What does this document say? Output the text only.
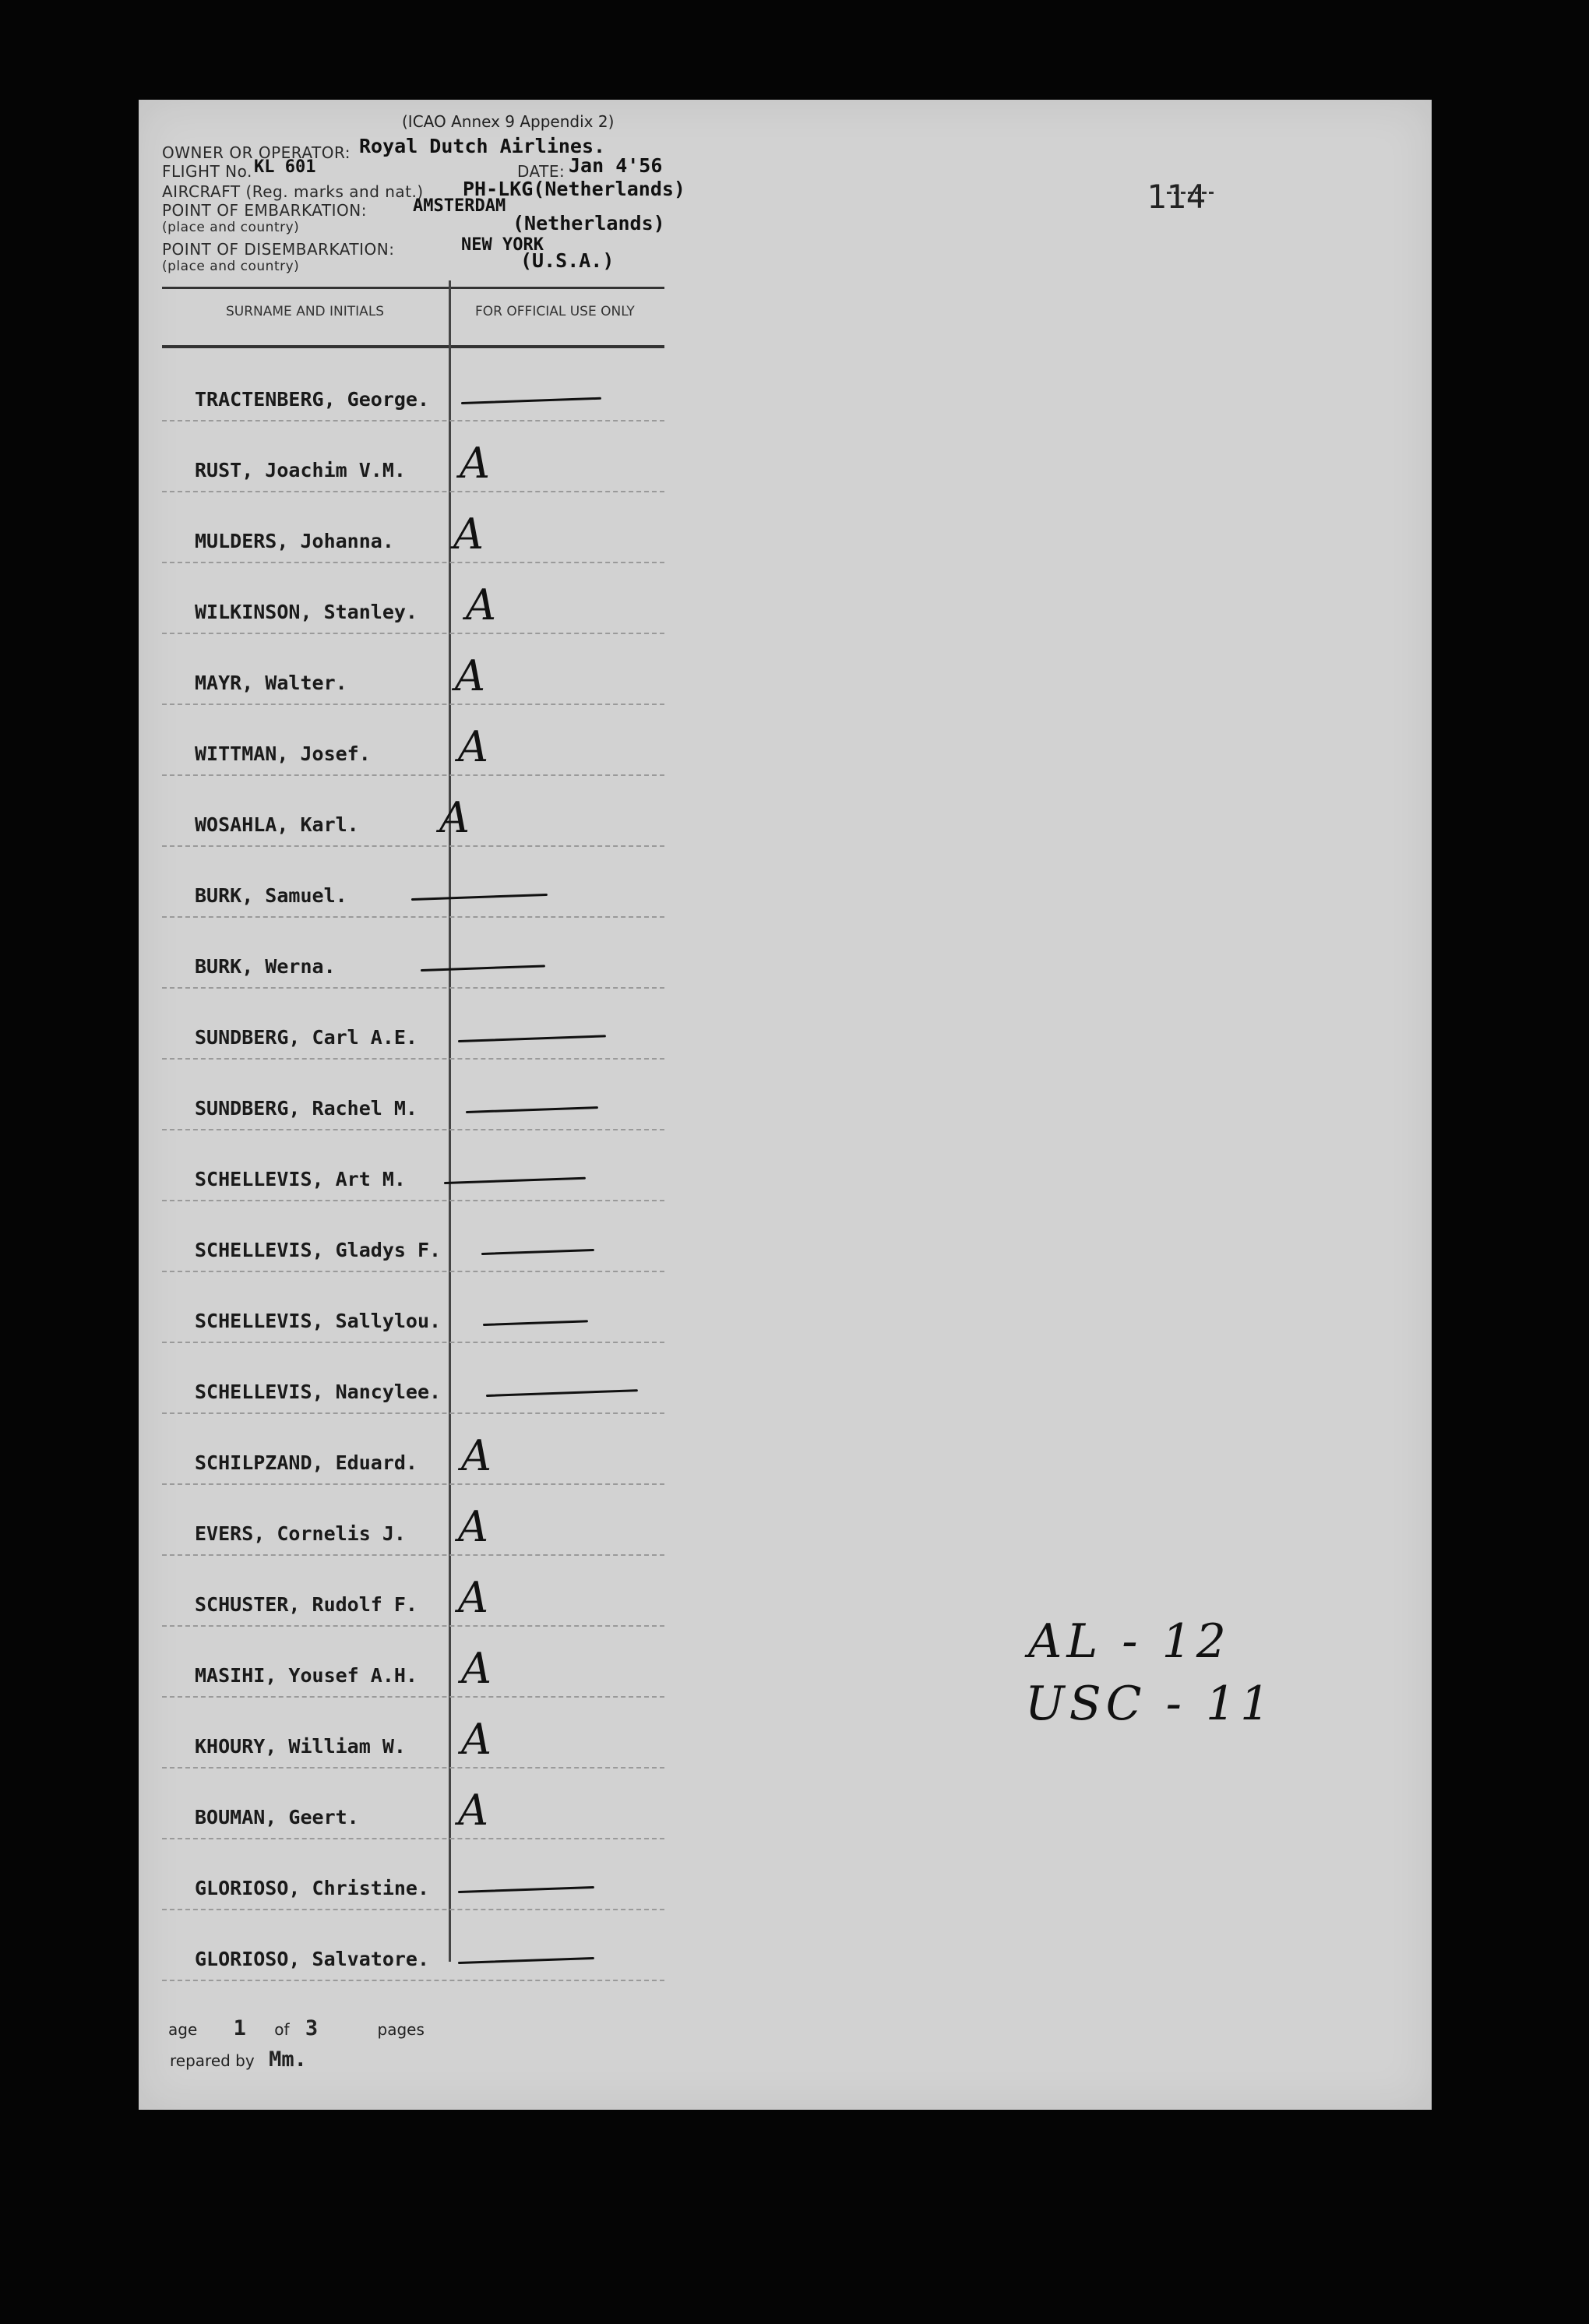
(ICAO Annex 9 Appendix 2)
OWNER OR OPERATOR: Royal Dutch Airlines.
FLIGHT No. KL 601	DATE: Jan 4'56
AIRCRAFT (Reg. marks and nat.) PH-LKG(Netherlands)
POINT OF EMBARKATION:	AMSTERDAM
(Netherlands)
(place and country)
POINT OF DISEMBARKATION:	NEW YORK
(U.S.A.)
(place and country)
114
SURNAME AND INITIALS	FOR OFFICIAL USE ONLY
TRACTENBERG, George.
RUST, Joachim V.M. A
MULDERS, Johanna. A
WILKINSON, Stanley. A
MAYR, Walter.	A
WITTMAN, Josef. A
WOSAHLA, Karl. A
BURK, Samuel.
BURK, Werna.
SUNDBERG, Carl A.E.
SUNDBERG, Rachel M.
SCHELLEVIS, Art M.
SCHELLEVIS, Gladys F.
SCHELLEVIS, Sallylou.
SCHELLEVIS, Nancylee.
SCHILPZAND, Eduard. A
EVERS, Cornelis J. A
SCHUSTER, Rudolf F. A
MASIHI, Yousef A.H. A
KHOURY, William W. A
BOUMAN, Geert. A
GLORIOSO, Christine.
GLORIOSO, Salvatore.
age 1 of 3	pages
repared by Mm.
AL - 12
USC - 11
